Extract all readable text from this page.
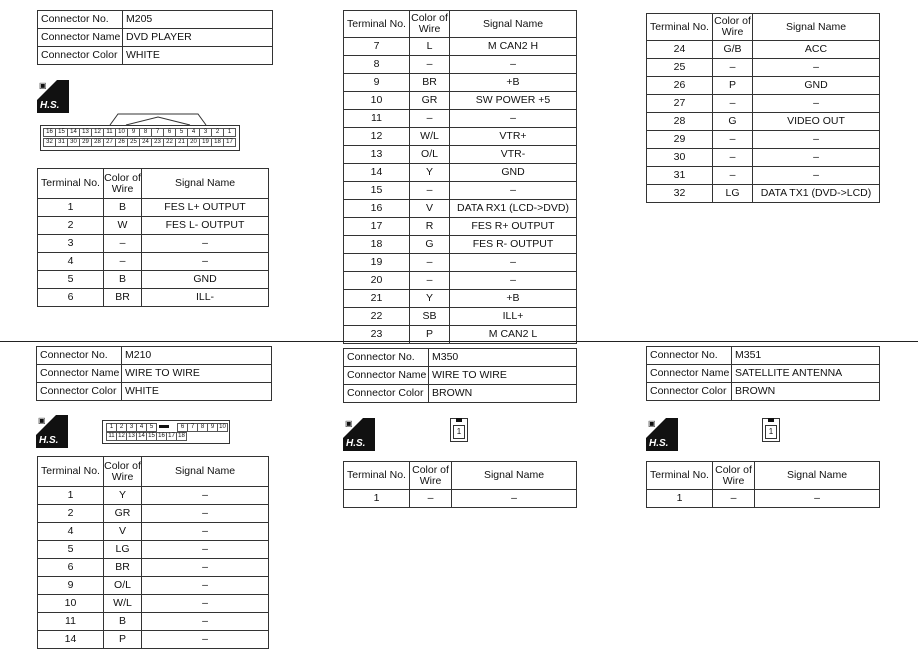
Connector No.	M205
Connector Name	DVD PLAYER
Connector Color	WHITE
▣
H.S.
16 15 14 13 12 11 10	9	8	7	6	5	4	3	2	1
32 31 30 29 28 27 26 25 24 23 22 21 20 19 18 17
Terminal No.	Color of Wire	Signal Name
1	B	FES L+ OUTPUT
2	W	FES L- OUTPUT
3	–	–
4	–	–
5	B	GND
6	BR	ILL-
Terminal No.	Color of Wire	Signal Name
7	L	M CAN2 H
8	–	–
9	BR	+B
10	GR	SW POWER +5
11	–	–
12	W/L	VTR+
13	O/L	VTR-
14	Y	GND
15	–	–
16	V	DATA RX1 (LCD->DVD)
17	R	FES R+ OUTPUT
18	G	FES R- OUTPUT
19	–	–
20	–	–
21	Y	+B
22	SB	ILL+
23	P	M CAN2 L
Terminal No.	Color of Wire	Signal Name
24	G/B	ACC
25	–	–
26	P	GND
27	–	–
28	G	VIDEO OUT
29	–	–
30	–	–
31	–	–
32	LG	DATA TX1 (DVD->LCD)
Connector No.	M210
Connector Name	WIRE TO WIRE
Connector Color	WHITE
▣
H.S.
1	2	3	4	5	6	7	8	9 10
11 12 13 14 15 16 17 18
Terminal No.	Color of Wire	Signal Name
1	Y	–
2	GR	–
4	V	–
5	LG	–
6	BR	–
9	O/L	–
10	W/L	–
11	B	–
14	P	–
Connector No.	M350
Connector Name	WIRE TO WIRE
Connector Color	BROWN
▣
H.S.
1
Terminal No.	Color of Wire	Signal Name
1	–	–
Connector No.	M351
Connector Name	SATELLITE ANTENNA
Connector Color	BROWN
▣
H.S.
1
Terminal No.	Color of Wire	Signal Name
1	–	–
